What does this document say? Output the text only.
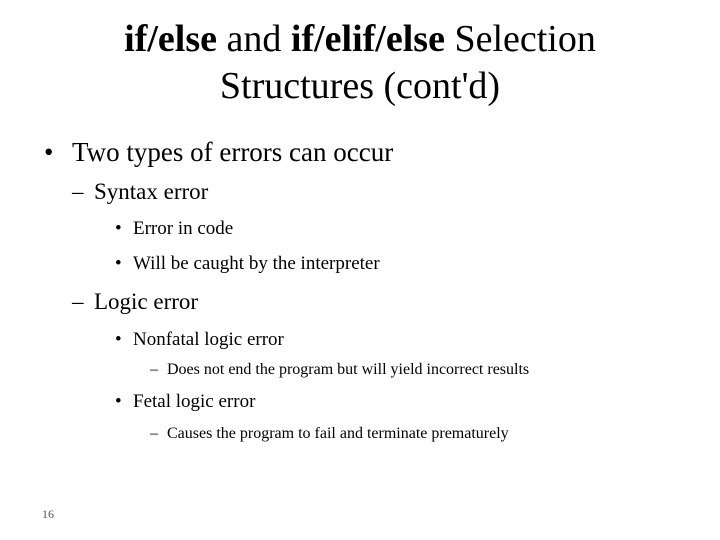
if/else and if/elif/else Selection
Structures (cont'd)
• Two types of errors can occur
– Syntax error
• Error in code
• Will be caught by the interpreter
– Logic error
• Nonfatal logic error
– Does not end the program but will yield incorrect results
• Fetal logic error
– Causes the program to fail and terminate prematurely
16
